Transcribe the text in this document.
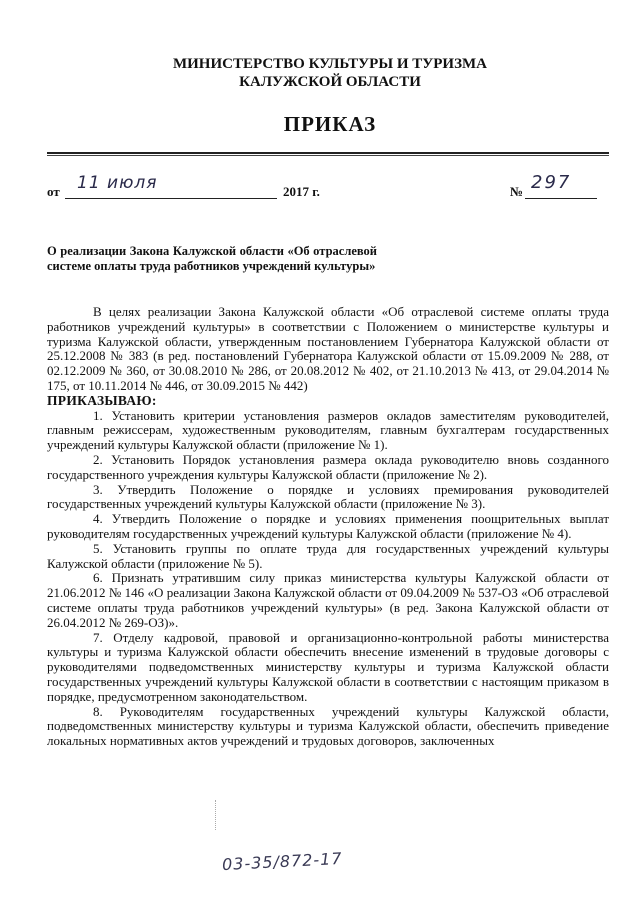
МИНИСТЕРСТВО КУЛЬТУРЫ И ТУРИЗМА
КАЛУЖСКОЙ ОБЛАСТИ
ПРИКАЗ
от 11 июля	2017 г.	№ 297
О реализации Закона Калужской области «Об отраслевой системе оплаты труда работников учреждений культуры»

В целях реализации Закона Калужской области «Об отраслевой системе оплаты труда работников учреждений культуры» в соответствии с Положением о министерстве культуры и туризма Калужской области, утвержденным постановлением Губернатора Калужской области от 25.12.2008 № 383 (в ред. постановлений Губернатора Калужской области от 15.09.2009 № 288, от 02.12.2009 № 360, от 30.08.2010 № 286, от 20.08.2012 № 402, от 21.10.2013 № 413, от 29.04.2014 № 175, от 10.11.2014 № 446, от 30.09.2015 № 442)

ПРИКАЗЫВАЮ:

1. Установить критерии установления размеров окладов заместителям руководителей, главным режиссерам, художественным руководителям, главным бухгалтерам государственных учреждений культуры Калужской области (приложение № 1).

2. Установить Порядок установления размера оклада руководителю вновь созданного государственного учреждения культуры Калужской области (приложение № 2).

3. Утвердить Положение о порядке и условиях премирования руководителей государственных учреждений культуры Калужской области (приложение № 3).

4. Утвердить Положение о порядке и условиях применения поощрительных выплат руководителям государственных учреждений культуры Калужской области (приложение № 4).

5. Установить группы по оплате труда для государственных учреждений культуры Калужской области (приложение № 5).

6. Признать утратившим силу приказ министерства культуры Калужской области от 21.06.2012 № 146 «О реализации Закона Калужской области от 09.04.2009 № 537-ОЗ «Об отраслевой системе оплаты труда работников учреждений культуры» (в ред. Закона Калужской области от 26.04.2012 № 269-ОЗ)».

7. Отделу кадровой, правовой и организационно-контрольной работы министерства культуры и туризма Калужской области обеспечить внесение изменений в трудовые договоры с руководителями подведомственных министерству культуры и туризма Калужской области государственных учреждений культуры Калужской области в соответствии с настоящим приказом в порядке, предусмотренном законодательством.

8. Руководителям государственных учреждений культуры Калужской области, подведомственных министерству культуры и туризма Калужской области, обеспечить приведение локальных нормативных актов учреждений и трудовых договоров, заключенных

03-35/872-17
